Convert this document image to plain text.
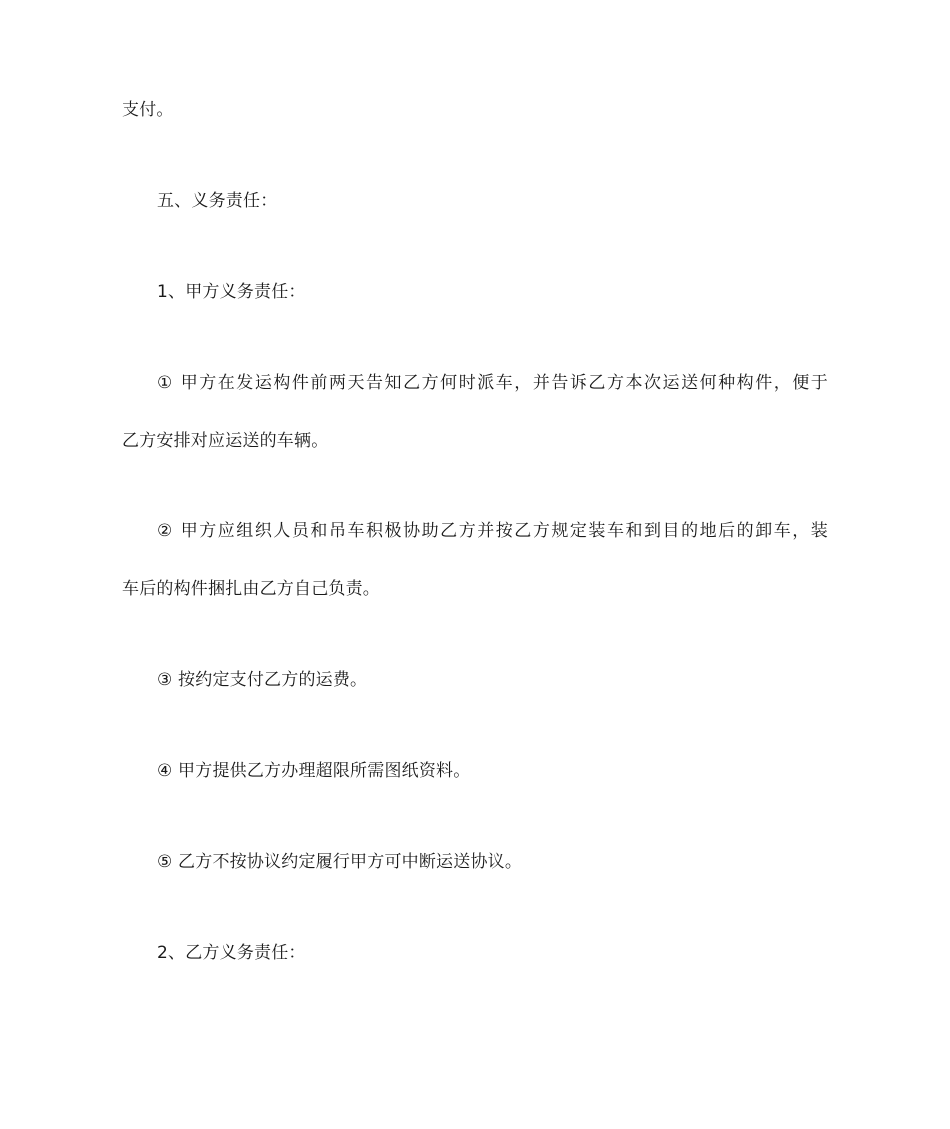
支付。
五、义务责任：
1、甲方义务责任：
① 甲方在发运构件前两天告知乙方何时派车，并告诉乙方本次运送何种构件，便于
乙方安排对应运送的车辆。
② 甲方应组织人员和吊车积极协助乙方并按乙方规定装车和到目的地后的卸车，装
车后的构件捆扎由乙方自己负责。
③ 按约定支付乙方的运费。
④ 甲方提供乙方办理超限所需图纸资料。
⑤ 乙方不按协议约定履行甲方可中断运送协议。
2、乙方义务责任：
